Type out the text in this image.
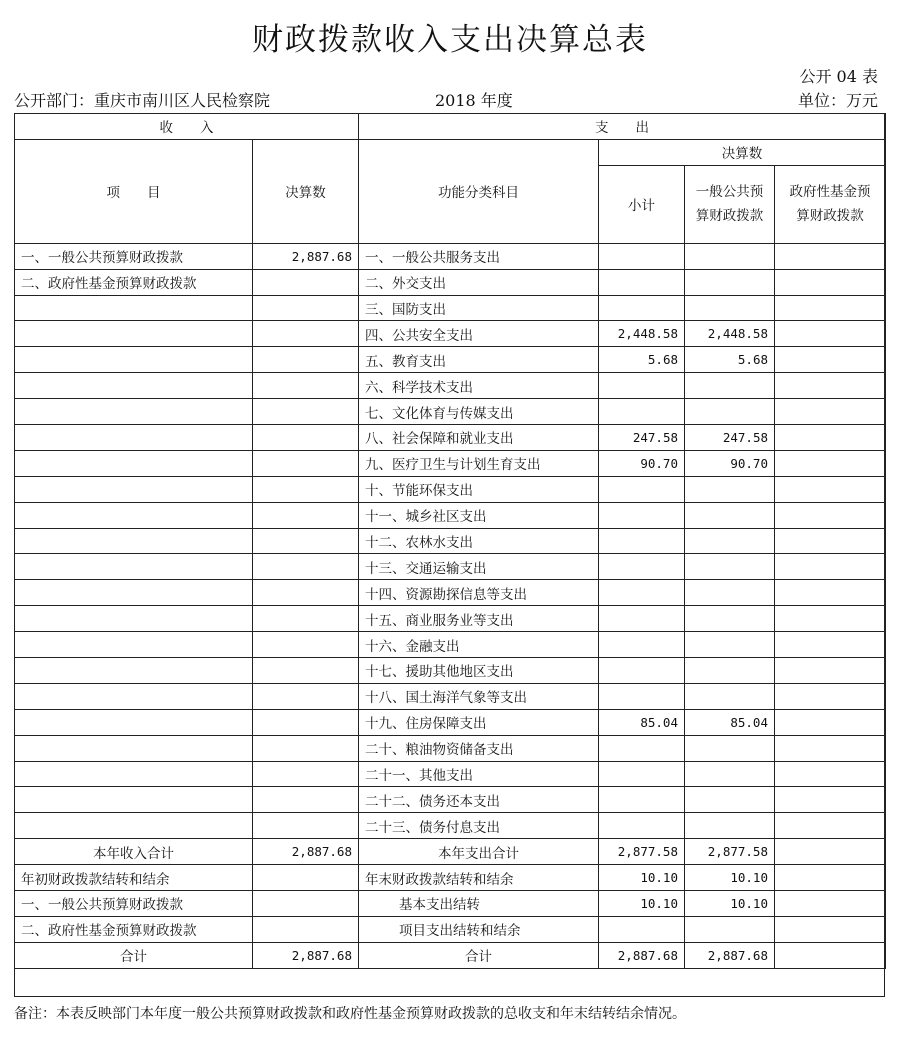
财政拨款收入支出决算总表
公开 04 表
公开部门：重庆市南川区人民检察院	2018 年度	单位：万元
收　　入		支　　出			
项　　目	决算数	功能分类科目	决算数		
			小计	一般公共预算财政拨款	政府性基金预算财政拨款
一、一般公共预算财政拨款	2,887.68	一、一般公共服务支出			
二、政府性基金预算财政拨款		二、外交支出			
		三、国防支出			
		四、公共安全支出	2,448.58	2,448.58	
		五、教育支出	5.68	5.68	
		六、科学技术支出			
		七、文化体育与传媒支出			
		八、社会保障和就业支出	247.58	247.58	
		九、医疗卫生与计划生育支出	90.70	90.70	
		十、节能环保支出			
		十一、城乡社区支出			
		十二、农林水支出			
		十三、交通运输支出			
		十四、资源勘探信息等支出			
		十五、商业服务业等支出			
		十六、金融支出			
		十七、援助其他地区支出			
		十八、国土海洋气象等支出			
		十九、住房保障支出	85.04	85.04	
		二十、粮油物资储备支出			
		二十一、其他支出			
		二十二、债务还本支出			
		二十三、债务付息支出			
本年收入合计	2,887.68	本年支出合计	2,877.58	2,877.58	
年初财政拨款结转和结余		年末财政拨款结转和结余	10.10	10.10	
一、一般公共预算财政拨款		基本支出结转	10.10	10.10	
二、政府性基金预算财政拨款		项目支出结转和结余			
合计	2,887.68	合计	2,887.68	2,887.68	
备注：本表反映部门本年度一般公共预算财政拨款和政府性基金预算财政拨款的总收支和年末结转结余情况。
